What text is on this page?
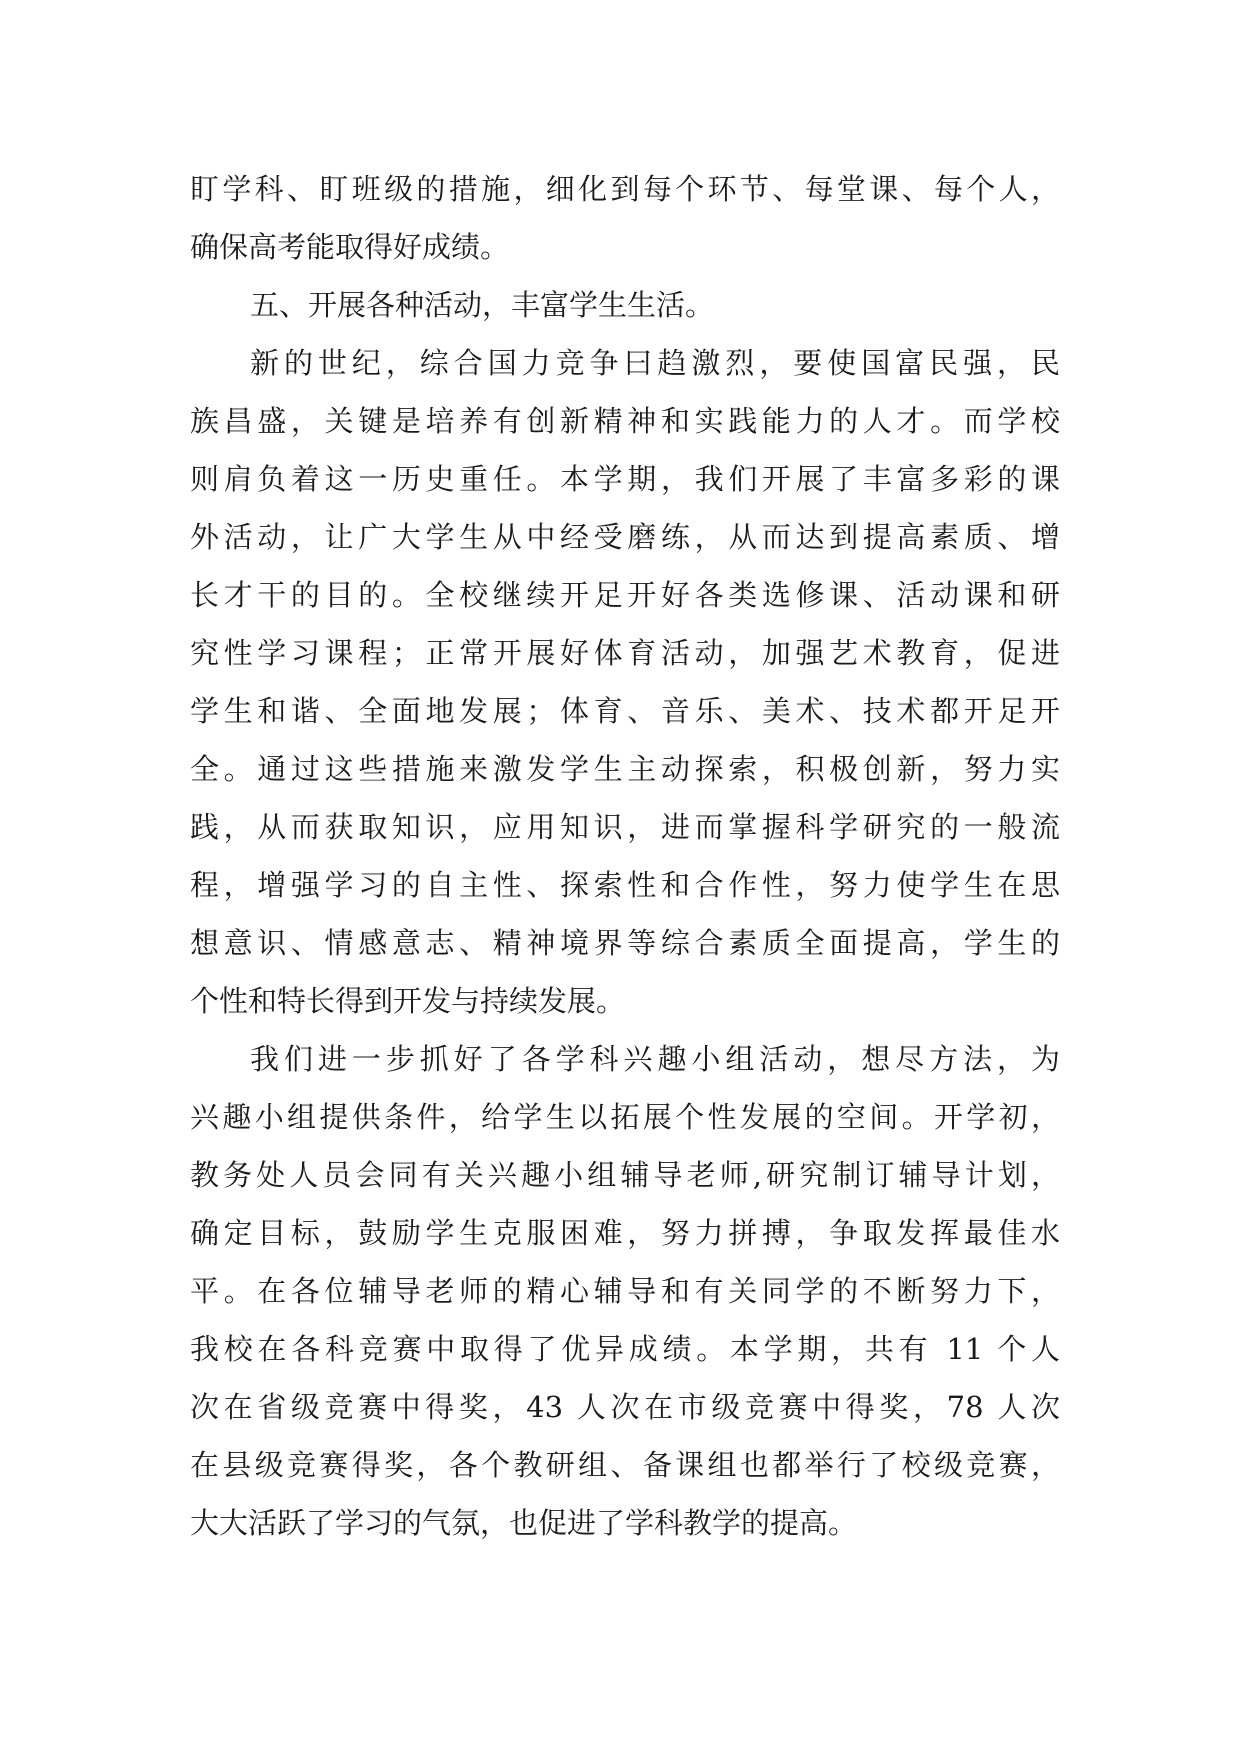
盯学科、盯班级的措施，细化到每个环节、每堂课、每个人，
确保高考能取得好成绩。
五、开展各种活动，丰富学生生活。
新的世纪，综合国力竞争曰趋激烈，要使国富民强，民
族昌盛，关键是培养有创新精神和实践能力的人才。而学校
则肩负着这一历史重任。本学期，我们开展了丰富多彩的课
外活动，让广大学生从中经受磨练，从而达到提高素质、增
长才干的目的。全校继续开足开好各类选修课、活动课和研
究性学习课程；正常开展好体育活动，加强艺术教育，促进
学生和谐、全面地发展；体育、音乐、美术、技术都开足开
全。通过这些措施来激发学生主动探索，积极创新，努力实
践，从而获取知识，应用知识，进而掌握科学研究的一般流
程，增强学习的自主性、探索性和合作性，努力使学生在思
想意识、情感意志、精神境界等综合素质全面提高，学生的
个性和特长得到开发与持续发展。
我们进一步抓好了各学科兴趣小组活动，想尽方法，为
兴趣小组提供条件，给学生以拓展个性发展的空间。开学初，
教务处人员会同有关兴趣小组辅导老师,研究制订辅导计划，
确定目标，鼓励学生克服困难，努力拼搏，争取发挥最佳水
平。在各位辅导老师的精心辅导和有关同学的不断努力下，
我校在各科竞赛中取得了优异成绩。本学期，共有 11 个人
次在省级竞赛中得奖，43 人次在市级竞赛中得奖，78 人次
在县级竞赛得奖，各个教研组、备课组也都举行了校级竞赛，
大大活跃了学习的气氛，也促进了学科教学的提高。
